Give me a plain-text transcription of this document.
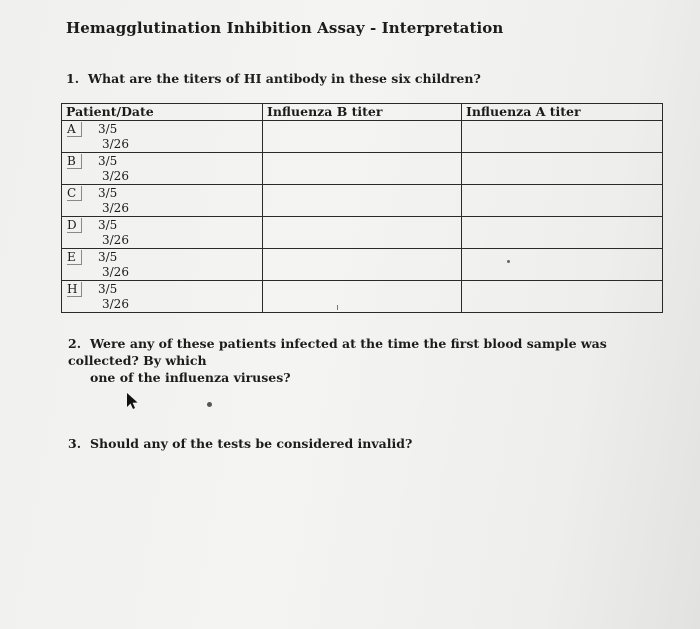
Hemagglutination Inhibition Assay - Interpretation
1. What are the titers of HI antibody in these six children?
Patient/Date	Influenza B titer	Influenza A titer

A 3/5
3/26		

B 3/5
3/26		

C 3/5
3/26		

D 3/5
3/26		

E 3/5
3/26		

H 3/5
3/26		

2. Were any of these patients infected at the time the first blood sample was collected? By which
one of the influenza viruses?
3. Should any of the tests be considered invalid?
